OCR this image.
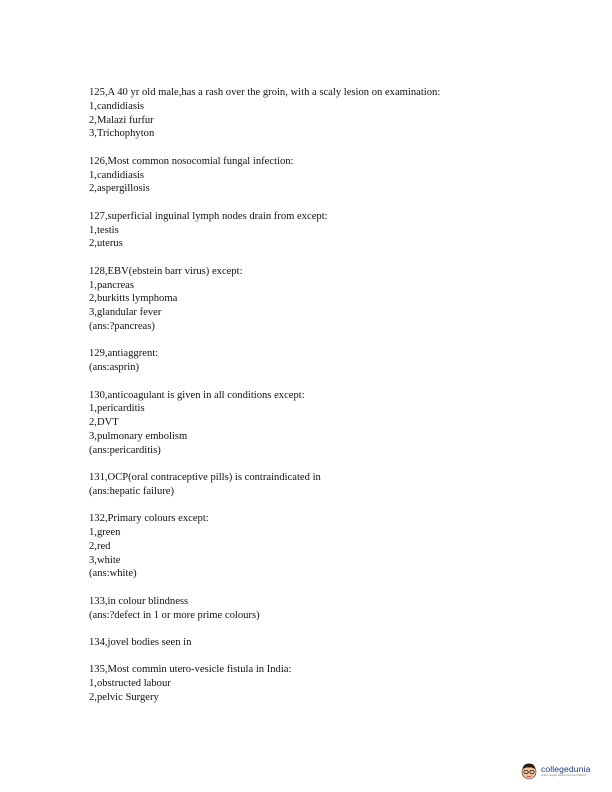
125,A 40 yr old male,has a rash over the groin, with a scaly lesion on examination:
1,candidiasis
2,Malazi furfur
3,Trichophyton
126,Most common nosocomial fungal infection:
1,candidiasis
2,aspergillosis
127,superficial inguinal lymph nodes drain from except:
1,testis
2,uterus
128,EBV(ebstein barr virus) except:
1,pancreas
2,burkitts lymphoma
3,glandular fever
(ans:?pancreas)
129,antiaggrent:
(ans:asprin)
130,anticoagulant is given in all conditions except:
1,pericarditis
2,DVT
3,pulmonary embolism
(ans:pericarditis)
131,OCP(oral contraceptive pills) is contraindicated in
(ans:hepatic failure)
132,Primary colours except:
1,green
2,red
3,white
(ans:white)
133,in colour blindness
(ans:?defect in 1 or more prime colours)
134,jovel bodies seen in
135,Most commin utero-vesicle fistula in India:
1,obstructed labour
2,pelvic Surgery
collegedunia
India's largest Student Review Platform
